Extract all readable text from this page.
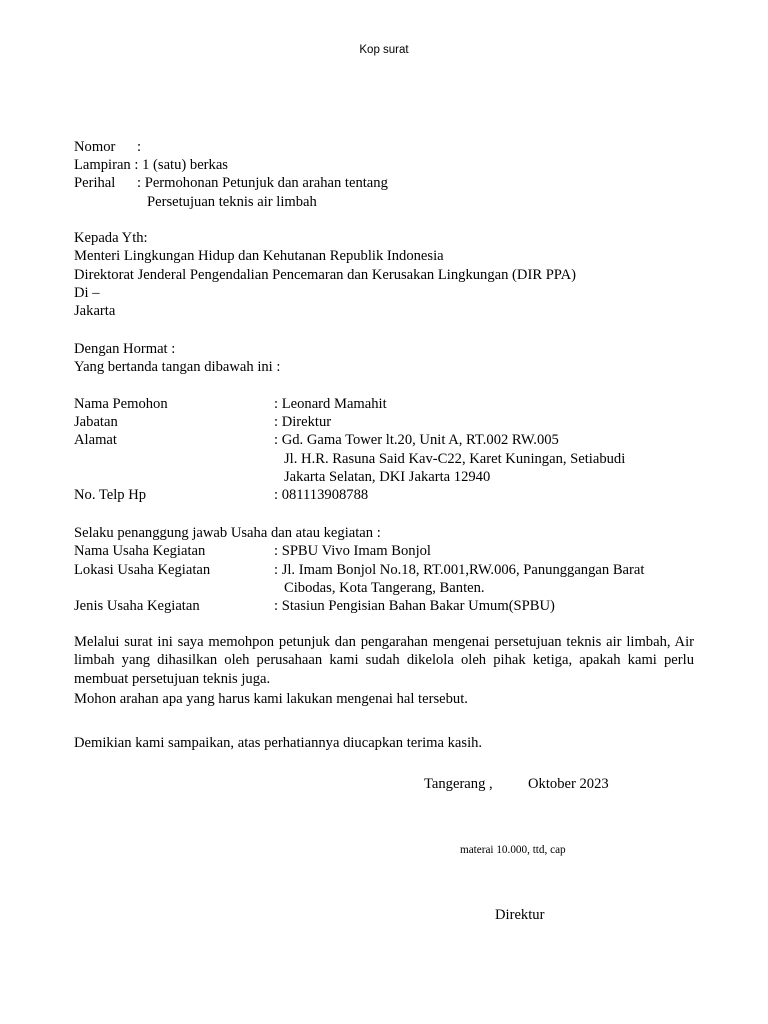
Kop surat
Nomor :
Lampiran : 1 (satu) berkas
Perihal : Permohonan Petunjuk dan arahan tentang
Persetujuan teknis air limbah
Kepada Yth:
Menteri Lingkungan Hidup dan Kehutanan Republik Indonesia
Direktorat Jenderal Pengendalian Pencemaran dan Kerusakan Lingkungan (DIR PPA)
Di –
Jakarta
Dengan Hormat :
Yang bertanda tangan dibawah ini :
Nama Pemohon	: Leonard Mamahit
Jabatan	: Direktur
Alamat	: Gd. Gama Tower lt.20, Unit A, RT.002 RW.005
Jl. H.R. Rasuna Said Kav-C22, Karet Kuningan, Setiabudi
Jakarta Selatan, DKI Jakarta 12940
No. Telp Hp	: 081113908788
Selaku penanggung jawab Usaha dan atau kegiatan :
Nama Usaha Kegiatan	: SPBU Vivo Imam Bonjol
Lokasi Usaha Kegiatan	: Jl. Imam Bonjol No.18, RT.001,RW.006, Panunggangan Barat
Cibodas, Kota Tangerang, Banten.
Jenis Usaha Kegiatan	: Stasiun Pengisian Bahan Bakar Umum(SPBU)
Melalui surat ini saya memohpon petunjuk dan pengarahan mengenai persetujuan teknis air limbah, Air limbah yang dihasilkan oleh perusahaan kami sudah dikelola oleh pihak ketiga, apakah kami perlu membuat persetujuan teknis juga.
Mohon arahan apa yang harus kami lakukan mengenai hal tersebut.
Demikian kami sampaikan, atas perhatiannya diucapkan terima kasih.
Tangerang , Oktober 2023
materai 10.000, ttd, cap
Direktur
